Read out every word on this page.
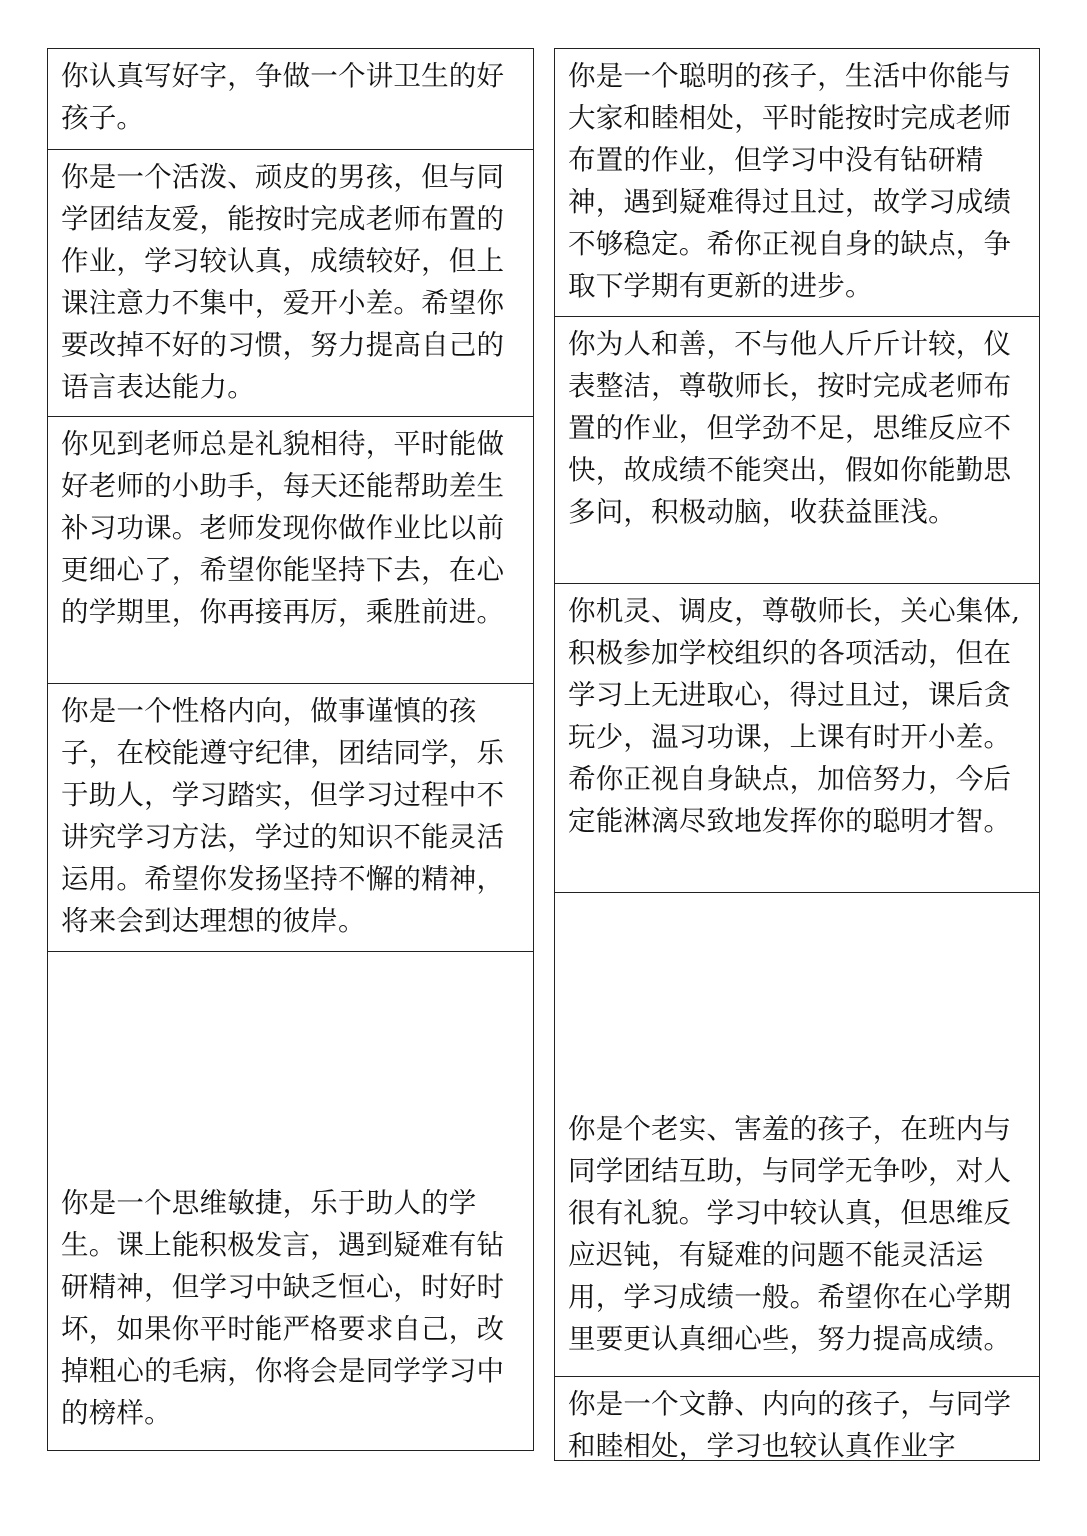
你认真写好字，争做一个讲卫生的好孩子。

你是一个活泼、顽皮的男孩，但与同学团结友爱，能按时完成老师布置的作业，学习较认真，成绩较好，但上课注意力不集中，爱开小差。希望你要改掉不好的习惯，努力提高自己的语言表达能力。

你见到老师总是礼貌相待，平时能做好老师的小助手，每天还能帮助差生补习功课。老师发现你做作业比以前更细心了，希望你能坚持下去，在心的学期里，你再接再厉，乘胜前进。

你是一个性格内向，做事谨慎的孩子，在校能遵守纪律，团结同学，乐于助人，学习踏实，但学习过程中不讲究学习方法，学过的知识不能灵活运用。希望你发扬坚持不懈的精神，将来会到达理想的彼岸。

你是一个思维敏捷，乐于助人的学生。课上能积极发言，遇到疑难有钻研精神，但学习中缺乏恒心，时好时坏，如果你平时能严格要求自己，改掉粗心的毛病，你将会是同学学习中的榜样。

你是一个聪明的孩子，生活中你能与大家和睦相处，平时能按时完成老师布置的作业，但学习中没有钻研精神，遇到疑难得过且过，故学习成绩不够稳定。希你正视自身的缺点，争取下学期有更新的进步。

你为人和善，不与他人斤斤计较，仪表整洁，尊敬师长，按时完成老师布置的作业，但学劲不足，思维反应不快，故成绩不能突出，假如你能勤思多问，积极动脑，收获益匪浅。

你机灵、调皮，尊敬师长，关心集体,积极参加学校组织的各项活动，但在学习上无进取心，得过且过，课后贪玩少，温习功课，上课有时开小差。希你正视自身缺点，加倍努力，今后定能淋漓尽致地发挥你的聪明才智。

你是个老实、害羞的孩子，在班内与同学团结互助，与同学无争吵，对人很有礼貌。学习中较认真，但思维反应迟钝，有疑难的问题不能灵活运用，学习成绩一般。希望你在心学期里要更认真细心些，努力提高成绩。

你是一个文静、内向的孩子，与同学和睦相处，学习也较认真作业字
